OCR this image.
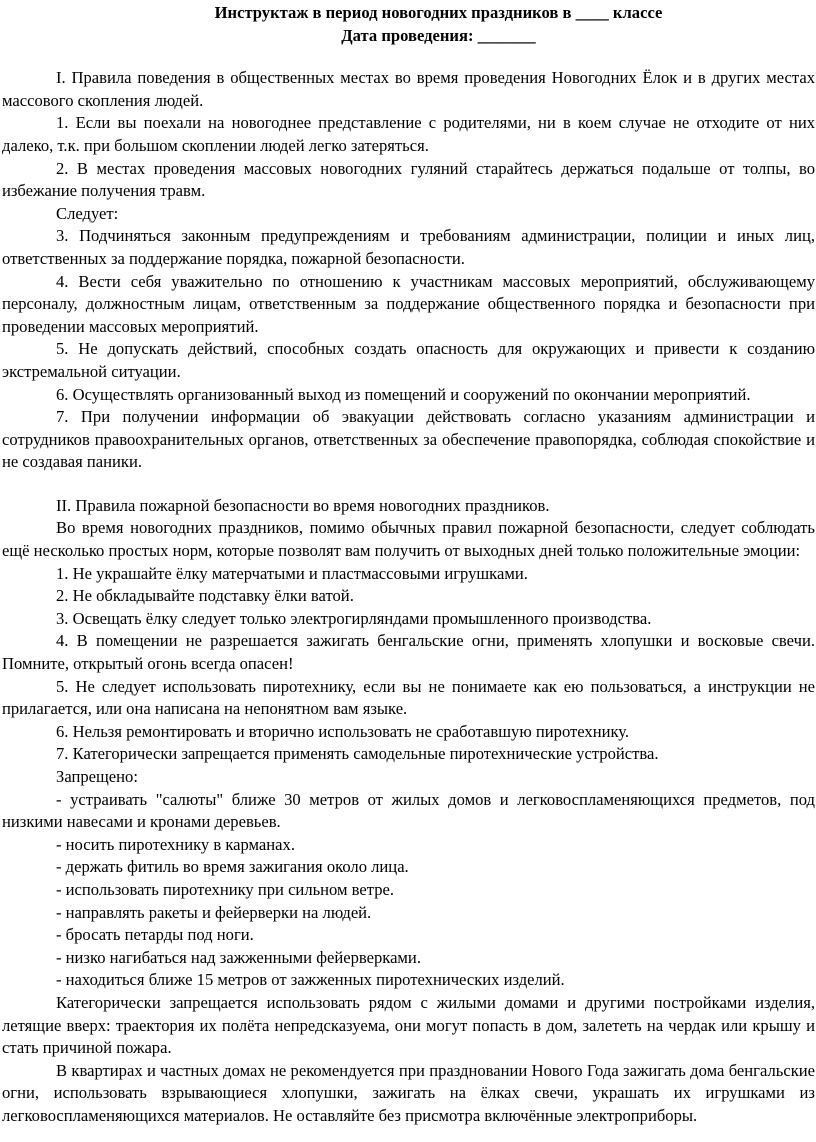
Инструктаж в период новогодних праздников в ____ классе
Дата проведения: _______

I. Правила поведения в общественных местах во время проведения Новогодних Ёлок и в других местах массового скопления людей.

1. Если вы поехали на новогоднее представление с родителями, ни в коем случае не отходите от них далеко, т.к. при большом скоплении людей легко затеряться.

2. В местах проведения массовых новогодних гуляний старайтесь держаться подальше от толпы, во избежание получения травм.

Следует:

3. Подчиняться законным предупреждениям и требованиям администрации, полиции и иных лиц, ответственных за поддержание порядка, пожарной безопасности.

4. Вести себя уважительно по отношению к участникам массовых мероприятий, обслуживающему персоналу, должностным лицам, ответственным за поддержание общественного порядка и безопасности при проведении массовых мероприятий.

5. Не допускать действий, способных создать опасность для окружающих и привести к созданию экстремальной ситуации.

6. Осуществлять организованный выход из помещений и сооружений по окончании мероприятий.

7. При получении информации об эвакуации действовать согласно указаниям администрации и сотрудников правоохранительных органов, ответственных за обеспечение правопорядка, соблюдая спокойствие и не создавая паники.

II. Правила пожарной безопасности во время новогодних праздников.

Во время новогодних праздников, помимо обычных правил пожарной безопасности, следует соблюдать ещё несколько простых норм, которые позволят вам получить от выходных дней только положительные эмоции:

1. Не украшайте ёлку матерчатыми и пластмассовыми игрушками.

2. Не обкладывайте подставку ёлки ватой.

3. Освещать ёлку следует только электрогирляндами промышленного производства.

4. В помещении не разрешается зажигать бенгальские огни, применять хлопушки и восковые свечи. Помните, открытый огонь всегда опасен!

5. Не следует использовать пиротехнику, если вы не понимаете как ею пользоваться, а инструкции не прилагается, или она написана на непонятном вам языке.

6. Нельзя ремонтировать и вторично использовать не сработавшую пиротехнику.

7. Категорически запрещается применять самодельные пиротехнические устройства.

Запрещено:

- устраивать "салюты" ближе 30 метров от жилых домов и легковоспламеняющихся предметов, под низкими навесами и кронами деревьев.

- носить пиротехнику в карманах.

- держать фитиль во время зажигания около лица.

- использовать пиротехнику при сильном ветре.

- направлять ракеты и фейерверки на людей.

- бросать петарды под ноги.

- низко нагибаться над зажженными фейерверками.

- находиться ближе 15 метров от зажженных пиротехнических изделий.

Категорически запрещается использовать рядом с жилыми домами и другими постройками изделия, летящие вверх: траектория их полёта непредсказуема, они могут попасть в дом, залететь на чердак или крышу и стать причиной пожара.

В квартирах и частных домах не рекомендуется при праздновании Нового Года зажигать дома бенгальские огни, использовать взрывающиеся хлопушки, зажигать на ёлках свечи, украшать их игрушками из легковоспламеняющихся материалов. Не оставляйте без присмотра включённые электроприборы.
